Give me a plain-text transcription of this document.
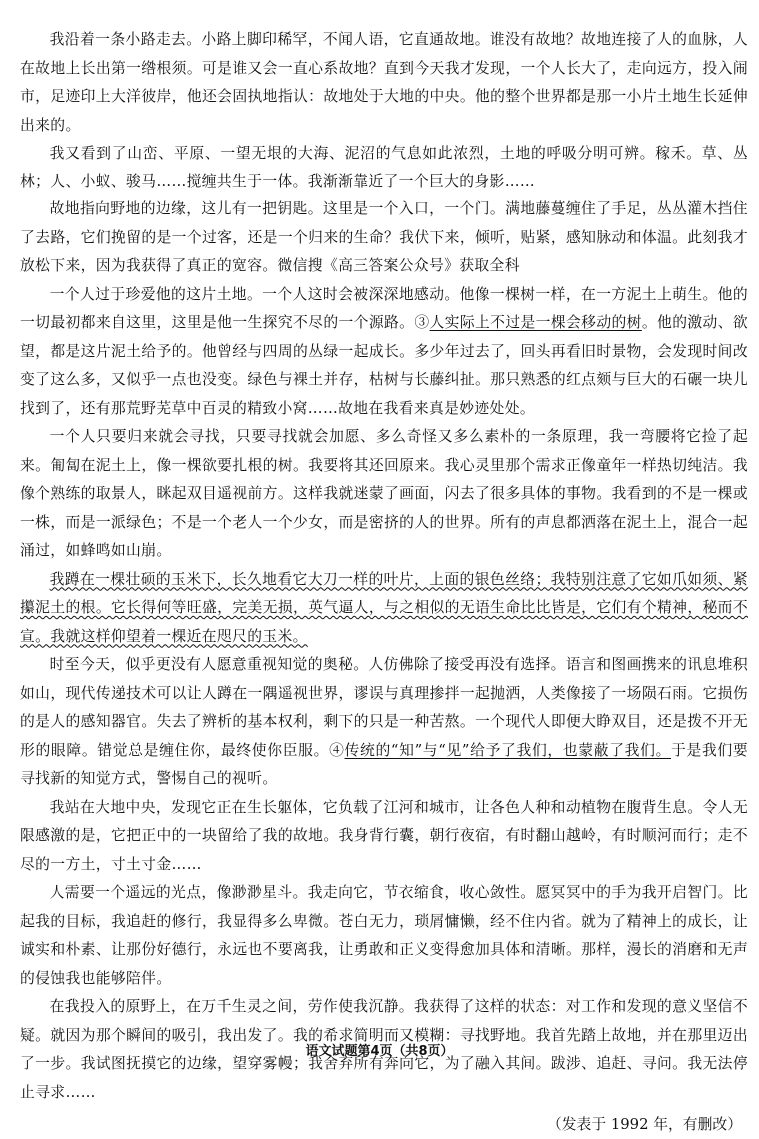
我沿着一条小路走去。小路上脚印稀罕，不闻人语，它直通故地。谁没有故地？故地连接了人的血脉，人在故地上长出第一绺根须。可是谁又会一直心系故地？直到今天我才发现，一个人长大了，走向远方，投入闹市，足迹印上大洋彼岸，他还会固执地指认：故地处于大地的中央。他的整个世界都是那一小片土地生长延伸出来的。

我又看到了山峦、平原、一望无垠的大海、泥沼的气息如此浓烈，土地的呼吸分明可辨。稼禾。草、丛林；人、小蚁、骏马……搅缠共生于一体。我渐渐靠近了一个巨大的身影……

故地指向野地的边缘，这儿有一把钥匙。这里是一个入口，一个门。满地藤蔓缠住了手足，丛丛灌木挡住了去路，它们挽留的是一个过客，还是一个归来的生命？我伏下来，倾听，贴紧，感知脉动和体温。此刻我才放松下来，因为我获得了真正的宽容。微信搜《高三答案公众号》获取全科

一个人过于珍爱他的这片土地。一个人这时会被深深地感动。他像一棵树一样，在一方泥土上萌生。他的一切最初都来自这里，这里是他一生探究不尽的一个源路。③人实际上不过是一棵会移动的树。他的激动、欲望，都是这片泥土给予的。他曾经与四周的丛绿一起成长。多少年过去了，回头再看旧时景物，会发现时间改变了这么多，又似乎一点也没变。绿色与裸土并存，枯树与长藤纠扯。那只熟悉的红点颏与巨大的石碾一块儿找到了，还有那荒野芜草中百灵的精致小窝……故地在我看来真是妙迹处处。

一个人只要归来就会寻找，只要寻找就会加愿、多么奇怪又多么素朴的一条原理，我一弯腰将它捡了起来。匍匐在泥土上，像一棵欲要扎根的树。我要将其还回原来。我心灵里那个需求正像童年一样热切纯洁。我像个熟练的取景人，眯起双目遥视前方。这样我就迷蒙了画面，闪去了很多具体的事物。我看到的不是一棵或一株，而是一派绿色；不是一个老人一个少女，而是密挤的人的世界。所有的声息都洒落在泥土上，混合一起涌过，如蜂鸣如山崩。

我蹲在一棵壮硕的玉米下，长久地看它大刀一样的叶片，上面的银色丝络；我特别注意了它如爪如须、紧攥泥土的根。它长得何等旺盛，完美无损，英气逼人，与之相似的无语生命比比皆是，它们有个精神，秘而不宣。我就这样仰望着一棵近在咫尺的玉米。

时至今天，似乎更没有人愿意重视知觉的奥秘。人仿佛除了接受再没有选择。语言和图画携来的讯息堆积如山，现代传递技术可以让人蹲在一隅遥视世界，谬误与真理掺拌一起抛洒，人类像接了一场陨石雨。它损伤的是人的感知器官。失去了辨析的基本权利，剩下的只是一种苦熬。一个现代人即便大睁双目，还是拨不开无形的眼障。错觉总是缠住你，最终使你臣服。④传统的“知”与“见”给予了我们，也蒙蔽了我们。于是我们要寻找新的知觉方式，警惕自己的视听。

我站在大地中央，发现它正在生长躯体，它负载了江河和城市，让各色人种和动植物在腹背生息。令人无限感激的是，它把正中的一块留给了我的故地。我身背行囊，朝行夜宿，有时翻山越岭，有时顺河而行；走不尽的一方土，寸土寸金……

人需要一个遥远的光点，像渺渺星斗。我走向它，节衣缩食，收心敛性。愿冥冥中的手为我开启智门。比起我的目标，我追赶的修行，我显得多么卑微。苍白无力，琐屑慵懒，经不住内省。就为了精神上的成长，让诚实和朴素、让那份好德行，永远也不要离我，让勇敢和正义变得愈加具体和清晰。那样，漫长的消磨和无声的侵蚀我也能够陪伴。

在我投入的原野上，在万千生灵之间，劳作使我沉静。我获得了这样的状态：对工作和发现的意义坚信不疑。就因为那个瞬间的吸引，我出发了。我的希求简明而又模糊：寻找野地。我首先踏上故地，并在那里迈出了一步。我试图抚摸它的边缘，望穿雾幔；我舍弃所有奔向它，为了融入其间。跋涉、追赶、寻问。我无法停止寻求……

（发表于 1992 年，有删改）
语文试题第4页（共8页）
